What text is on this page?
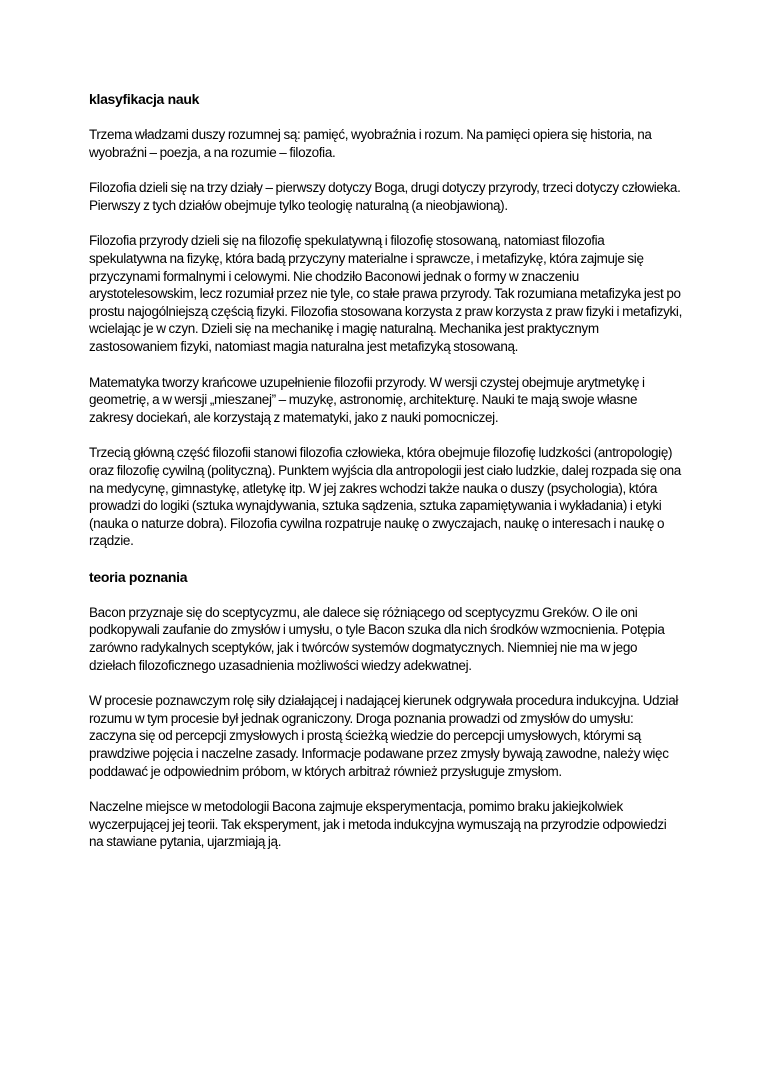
klasyfikacja nauk

Trzema władzami duszy rozumnej są: pamięć, wyobraźnia i rozum. Na pamięci opiera się historia, na wyobraźni – poezja, a na rozumie – filozofia.

Filozofia dzieli się na trzy działy – pierwszy dotyczy Boga, drugi dotyczy przyrody, trzeci dotyczy człowieka. Pierwszy z tych działów obejmuje tylko teologię naturalną (a nieobjawioną).

Filozofia przyrody dzieli się na filozofię spekulatywną i filozofię stosowaną, natomiast filozofia spekulatywna na fizykę, która badą przyczyny materialne i sprawcze, i metafizykę, która zajmuje się przyczynami formalnymi i celowymi. Nie chodziło Baconowi jednak o formy w znaczeniu arystotelesowskim, lecz rozumiał przez nie tyle, co stałe prawa przyrody. Tak rozumiana metafizyka jest po prostu najogólniejszą częścią fizyki. Filozofia stosowana korzysta z praw korzysta z praw fizyki i metafizyki, wcielając je w czyn. Dzieli się na mechanikę i magię naturalną. Mechanika jest praktycznym zastosowaniem fizyki, natomiast magia naturalna jest metafizyką stosowaną.

Matematyka tworzy krańcowe uzupełnienie filozofii przyrody. W wersji czystej obejmuje arytmetykę i geometrię, a w wersji „mieszanej” – muzykę, astronomię, architekturę. Nauki te mają swoje własne zakresy dociekań, ale korzystają z matematyki, jako z nauki pomocniczej.

Trzecią główną część filozofii stanowi filozofia człowieka, która obejmuje filozofię ludzkości (antropologię) oraz filozofię cywilną (polityczną). Punktem wyjścia dla antropologii jest ciało ludzkie, dalej rozpada się ona na medycynę, gimnastykę, atletykę itp. W jej zakres wchodzi także nauka o duszy (psychologia), która prowadzi do logiki (sztuka wynajdywania, sztuka sądzenia, sztuka zapamiętywania i wykładania) i etyki (nauka o naturze dobra). Filozofia cywilna rozpatruje naukę o zwyczajach, naukę o interesach i naukę o rządzie.

teoria poznania

Bacon przyznaje się do sceptycyzmu, ale dalece się różniącego od sceptycyzmu Greków. O ile oni podkopywali zaufanie do zmysłów i umysłu, o tyle Bacon szuka dla nich środków wzmocnienia. Potępia zarówno radykalnych sceptyków, jak i twórców systemów dogmatycznych. Niemniej nie ma w jego dziełach filozoficznego uzasadnienia możliwości wiedzy adekwatnej.

W procesie poznawczym rolę siły działającej i nadającej kierunek odgrywała procedura indukcyjna. Udział rozumu w tym procesie był jednak ograniczony. Droga poznania prowadzi od zmysłów do umysłu: zaczyna się od percepcji zmysłowych i prostą ścieżką wiedzie do percepcji umysłowych, którymi są prawdziwe pojęcia i naczelne zasady. Informacje podawane przez zmysły bywają zawodne, należy więc poddawać je odpowiednim próbom, w których arbitraż również przysługuje zmysłom.

Naczelne miejsce w metodologii Bacona zajmuje eksperymentacja, pomimo braku jakiejkolwiek wyczerpującej jej teorii. Tak eksperyment, jak i metoda indukcyjna wymuszają na przyrodzie odpowiedzi na stawiane pytania, ujarzmiają ją.
